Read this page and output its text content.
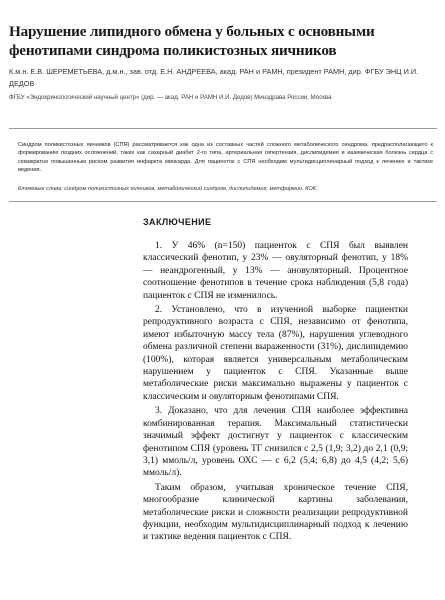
Нарушение липидного обмена у больных с основными фенотипами синдрома поликистозных яичников
К.м.н. Е.В. ШЕРЕМЕТЬЕВА, д.м.н., зав. отд. Е.Н. АНДРЕЕВА, акад. РАН и РАМН, президент РАМН, дир. ФГБУ ЭНЦ И.И. ДЕДОВ
ФГБУ «Эндокринологический научный центр» (дир. — акад. РАН и РАМН И.И. Дедов) Минздрава России, Москва
Синдром поликистозных яичников (СПЯ) рассматривается как одна из составных частей сложного метаболического синдрома, предрасполагающего к формированию поздних осложнений, таких как сахарный диабет 2-го типа, артериальная гипертензия, дислипидемия и ишемическая болезнь сердца с семикратно повышенным риском развития инфаркта миокарда. Для пациенток с СПЯ необходим мультидисциплинарный подход к лечению и тактике ведения.
Ключевые слова: синдром поликистозных яичников, метаболический синдром, дислипидемия, метформин, КОК.
ЗАКЛЮЧЕНИЕ

1. У 46% (n=150) пациенток с СПЯ был выявлен классический фенотип, у 23% — овуляторный фенотип, у 18% — неандрогенный, у 13% — ановуляторный. Процентное соотношение фенотипов в течение срока наблюдения (5,8 года) пациенток с СПЯ не изменилось.

2. Установлено, что в изученной выборке пациентки репродуктивного возраста с СПЯ, независимо от фенотипа, имеют избыточную массу тела (87%), нарушения углеводного обмена различной степени выраженности (31%), дислипидемию (100%), которая является универсальным метаболическим нарушением у пациенток с СПЯ. Указанные выше метаболические риски максимально выражены у пациенток с классическим и овуляторным фенотипами СПЯ.

3. Доказано, что для лечения СПЯ наиболее эффективна комбинированная терапия. Максимальный статистически значимый эффект достигнут у пациенток с классическим фенотипом СПЯ (уровень ТГ снизился с 2,5 (1,9; 3,2) до 2,1 (0,9; 3,1) ммоль/л, уровень ОХС — с 6,2 (5,4; 6,8) до 4,5 (4,2; 5,6) ммоль/л).

Таким образом, учитывая хроническое течение СПЯ, многообразие клинической картины заболевания, метаболические риски и сложности реализации репродуктивной функции, необходим мультидисциплинарный подход к лечению и тактике ведения пациенток с СПЯ.
